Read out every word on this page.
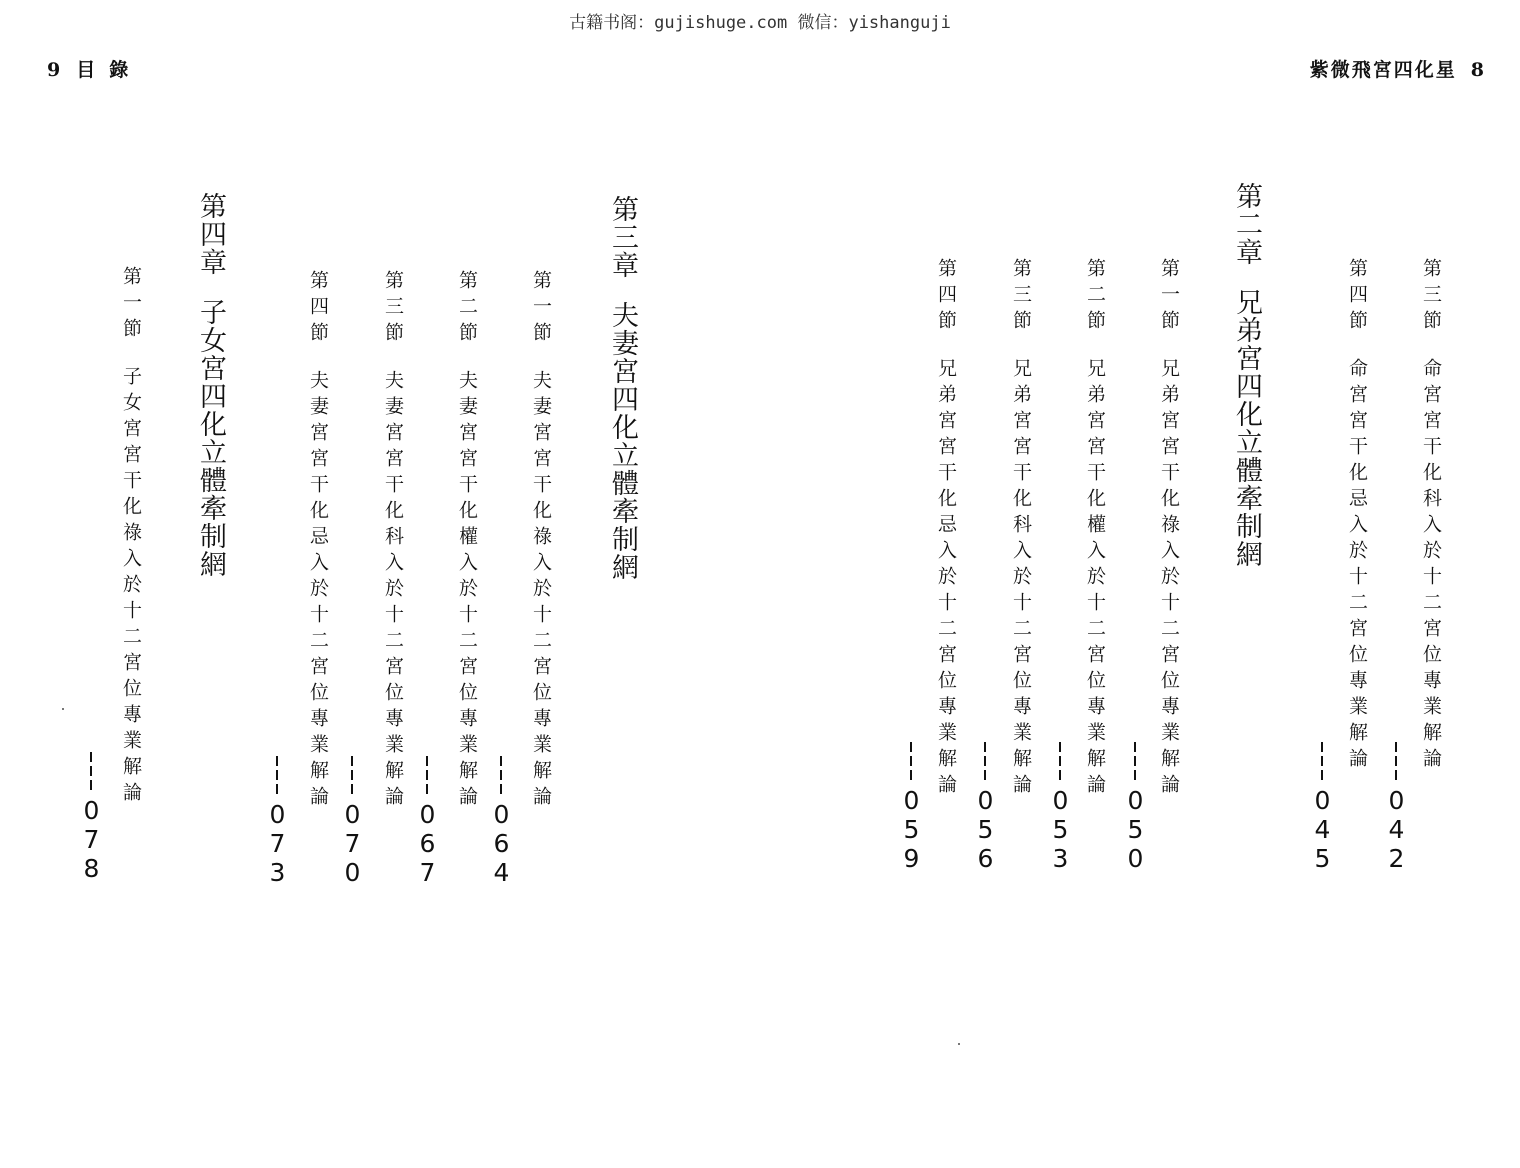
古籍书阁：gujishuge.com 微信：yishanguji
9 目 錄	紫微飛宮四化星 8
第三節命宮宮干化科入於十二宮位專業解論
042
第四節命宮宮干化忌入於十二宮位專業解論
045
第二章兄弟宮四化立體牽制網
第一節兄弟宮宮干化祿入於十二宮位專業解論
050
第二節兄弟宮宮干化權入於十二宮位專業解論
053
第三節兄弟宮宮干化科入於十二宮位專業解論
056
第四節兄弟宮宮干化忌入於十二宮位專業解論
059
第三章夫妻宮四化立體牽制網
第一節夫妻宮宮干化祿入於十二宮位專業解論
064
第二節夫妻宮宮干化權入於十二宮位專業解論
067
第三節夫妻宮宮干化科入於十二宮位專業解論
070
第四節夫妻宮宮干化忌入於十二宮位專業解論
073
第四章子女宮四化立體牽制網
第一節子女宮宮干化祿入於十二宮位專業解論
078
